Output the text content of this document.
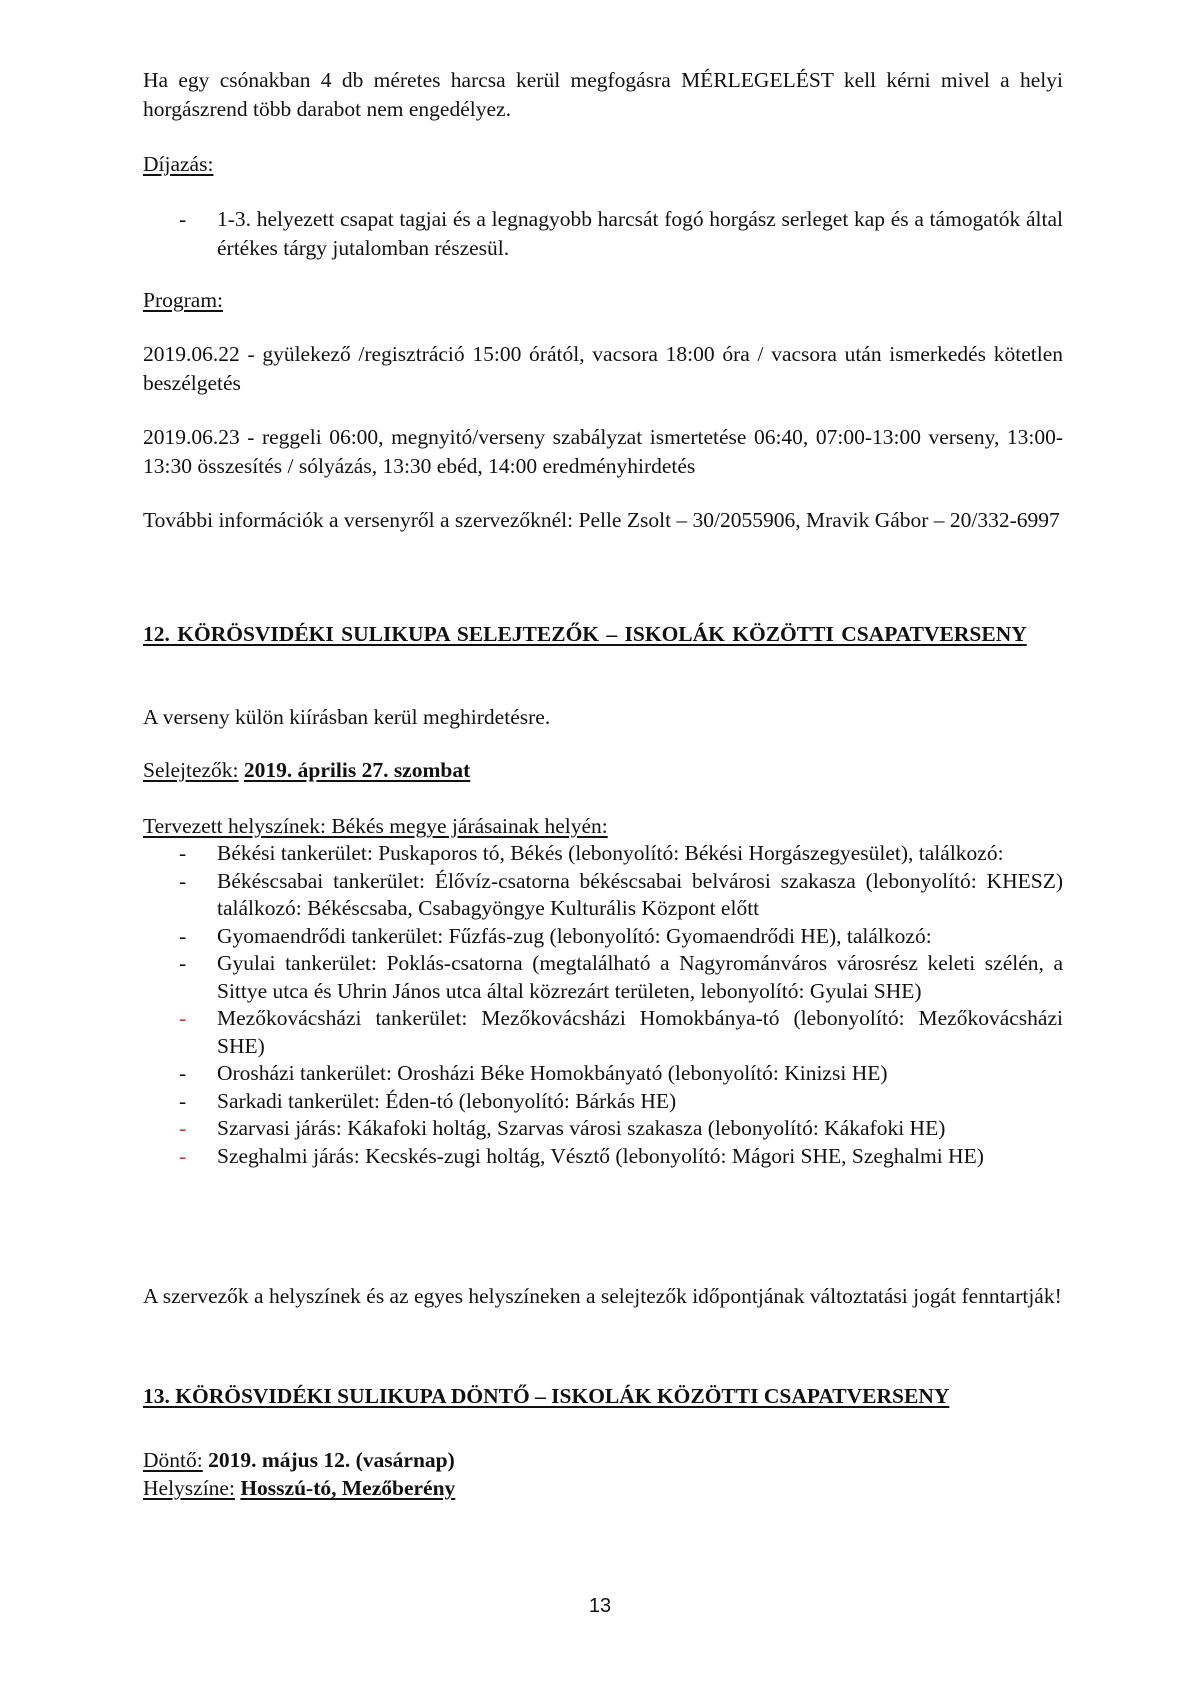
Ha egy csónakban 4 db méretes harcsa kerül megfogásra MÉRLEGELÉST kell kérni mivel a helyi horgászrend több darabot nem engedélyez.

Díjazás:

- 1-3. helyezett csapat tagjai és a legnagyobb harcsát fogó horgász serleget kap és a támogatók által értékes tárgy jutalomban részesül.

Program:

2019.06.22 - gyülekező /regisztráció 15:00 órától, vacsora 18:00 óra / vacsora után ismerkedés kötetlen beszélgetés

2019.06.23 - reggeli 06:00, megnyitó/verseny szabályzat ismertetése 06:40, 07:00-13:00 verseny, 13:00-13:30 összesítés / sólyázás, 13:30 ebéd, 14:00 eredményhirdetés

További információk a versenyről a szervezőknél: Pelle Zsolt – 30/2055906, Mravik Gábor – 20/332-6997

12. KÖRÖSVIDÉKI SULIKUPA SELEJTEZŐK – ISKOLÁK KÖZÖTTI CSAPATVERSENY

A verseny külön kiírásban kerül meghirdetésre.

Selejtezők: 2019. április 27. szombat

Tervezett helyszínek: Békés megye járásainak helyén:

- Békési tankerület: Puskaporos tó, Békés (lebonyolító: Békési Horgászegyesület), találkozó:
- Békéscsabai tankerület: Élővíz-csatorna békéscsabai belvárosi szakasza (lebonyolító: KHESZ) találkozó: Békéscsaba, Csabagyöngye Kulturális Központ előtt
- Gyomaendrődi tankerület: Fűzfás-zug (lebonyolító: Gyomaendrődi HE), találkozó:
- Gyulai tankerület: Poklás-csatorna (megtalálható a Nagyrománváros városrész keleti szélén, a Sittye utca és Uhrin János utca által közrezárt területen, lebonyolító: Gyulai SHE)
- Mezőkovácsházi tankerület: Mezőkovácsházi Homokbánya-tó (lebonyolító: Mezőkovácsházi SHE)
- Orosházi tankerület: Orosházi Béke Homokbányató (lebonyolító: Kinizsi HE)
- Sarkadi tankerület: Éden-tó (lebonyolító: Bárkás HE)
- Szarvasi járás: Kákafoki holtág, Szarvas városi szakasza (lebonyolító: Kákafoki HE)
- Szeghalmi járás: Kecskés-zugi holtág, Vésztő (lebonyolító: Mágori SHE, Szeghalmi HE)

A szervezők a helyszínek és az egyes helyszíneken a selejtezők időpontjának változtatási jogát fenntartják!

13. KÖRÖSVIDÉKI SULIKUPA DÖNTŐ – ISKOLÁK KÖZÖTTI CSAPATVERSENY

Döntő: 2019. május 12. (vasárnap)

Helyszíne: Hosszú-tó, Mezőberény

13
